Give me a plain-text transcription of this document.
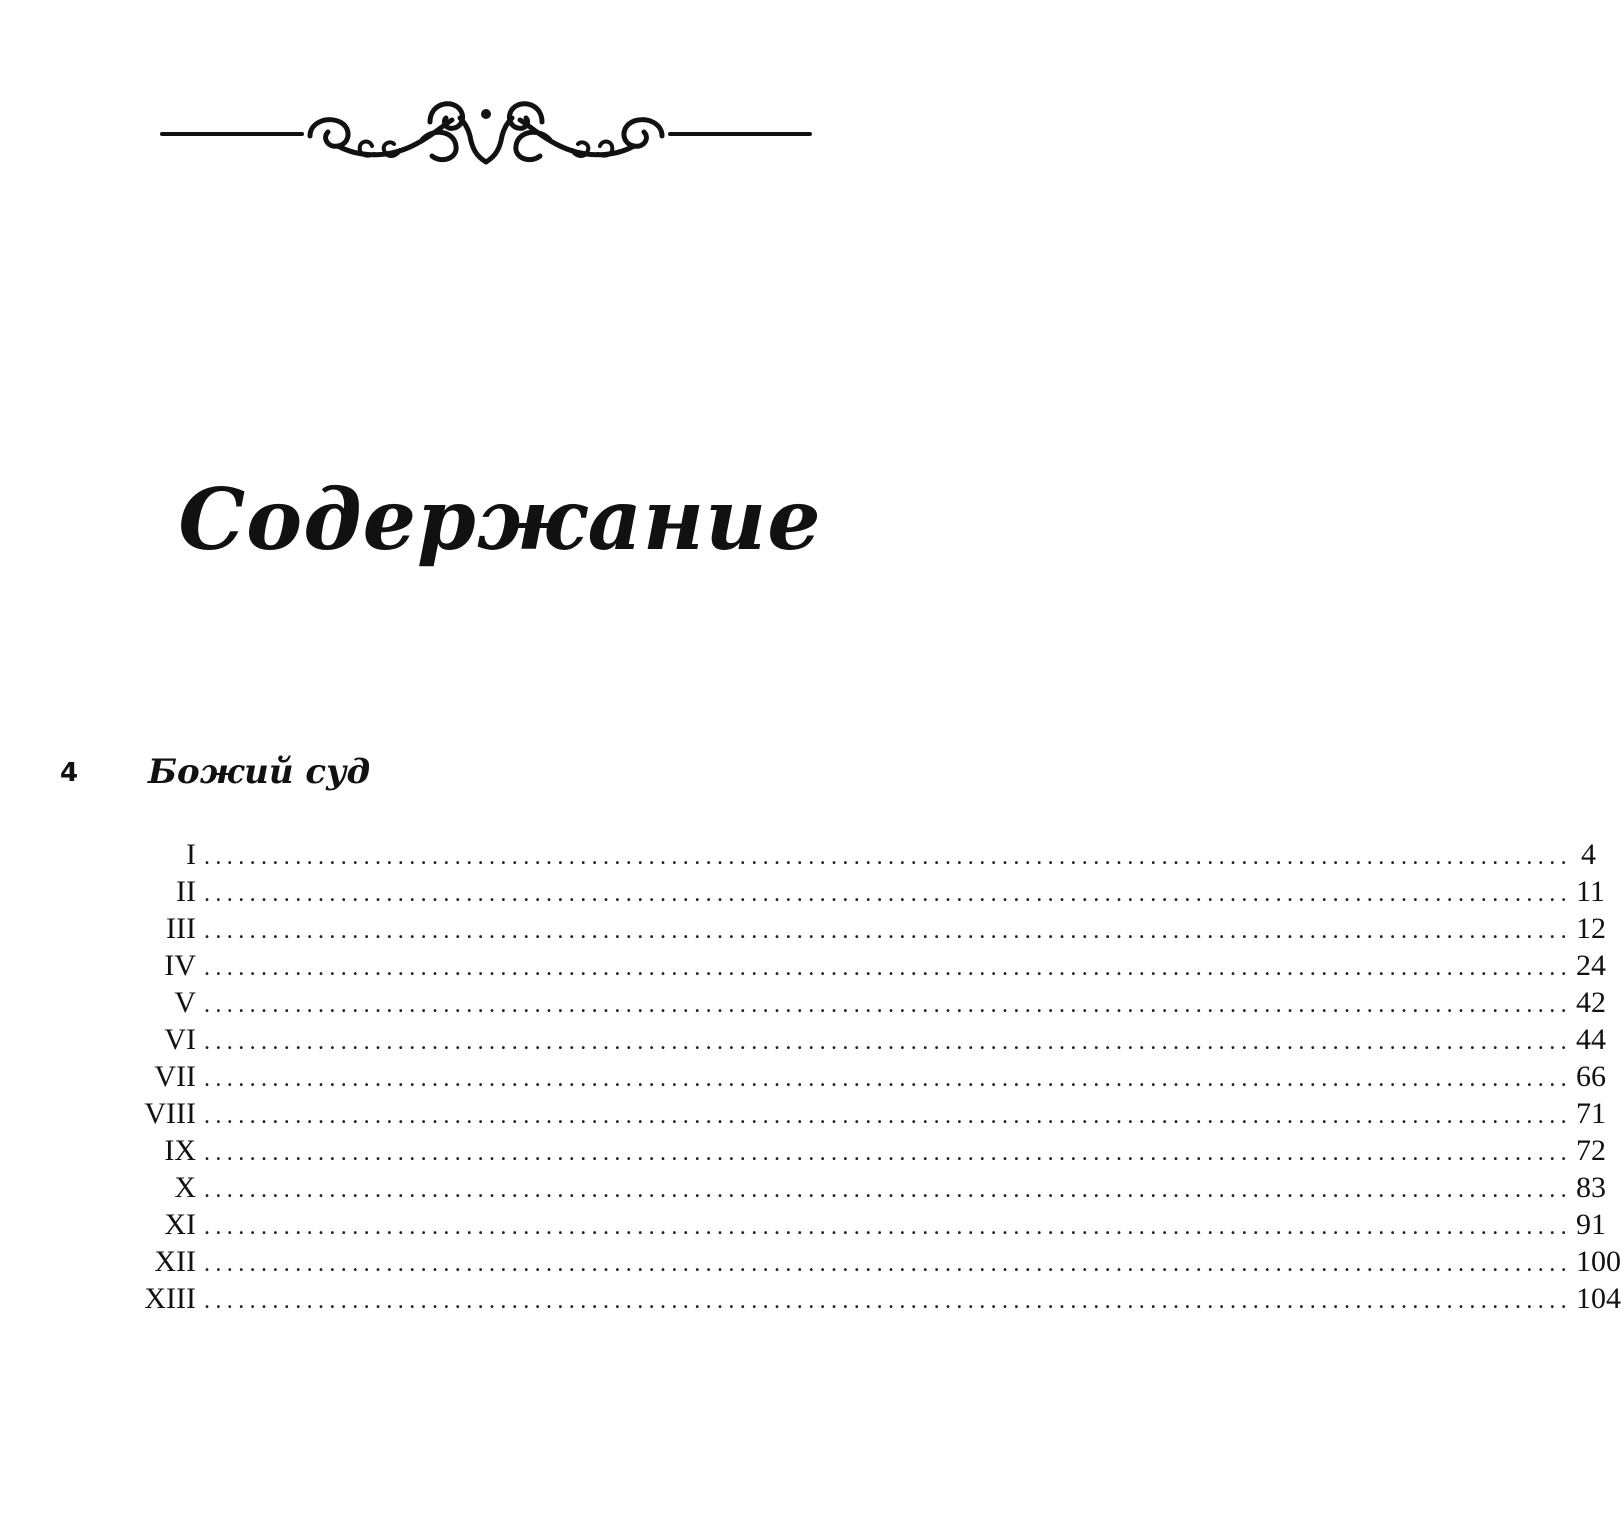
Содержание
4 Божий суд
I ........................................................................................................................ 4
II ........................................................................................................................ 11
III ........................................................................................................................ 12
IV ........................................................................................................................ 24
V ........................................................................................................................ 42
VI ........................................................................................................................ 44
VII ........................................................................................................................ 66
VIII ........................................................................................................................ 71
IX ........................................................................................................................ 72
X ........................................................................................................................ 83
XI ........................................................................................................................ 91
XII ........................................................................................................................ 100
XIII ........................................................................................................................ 104
